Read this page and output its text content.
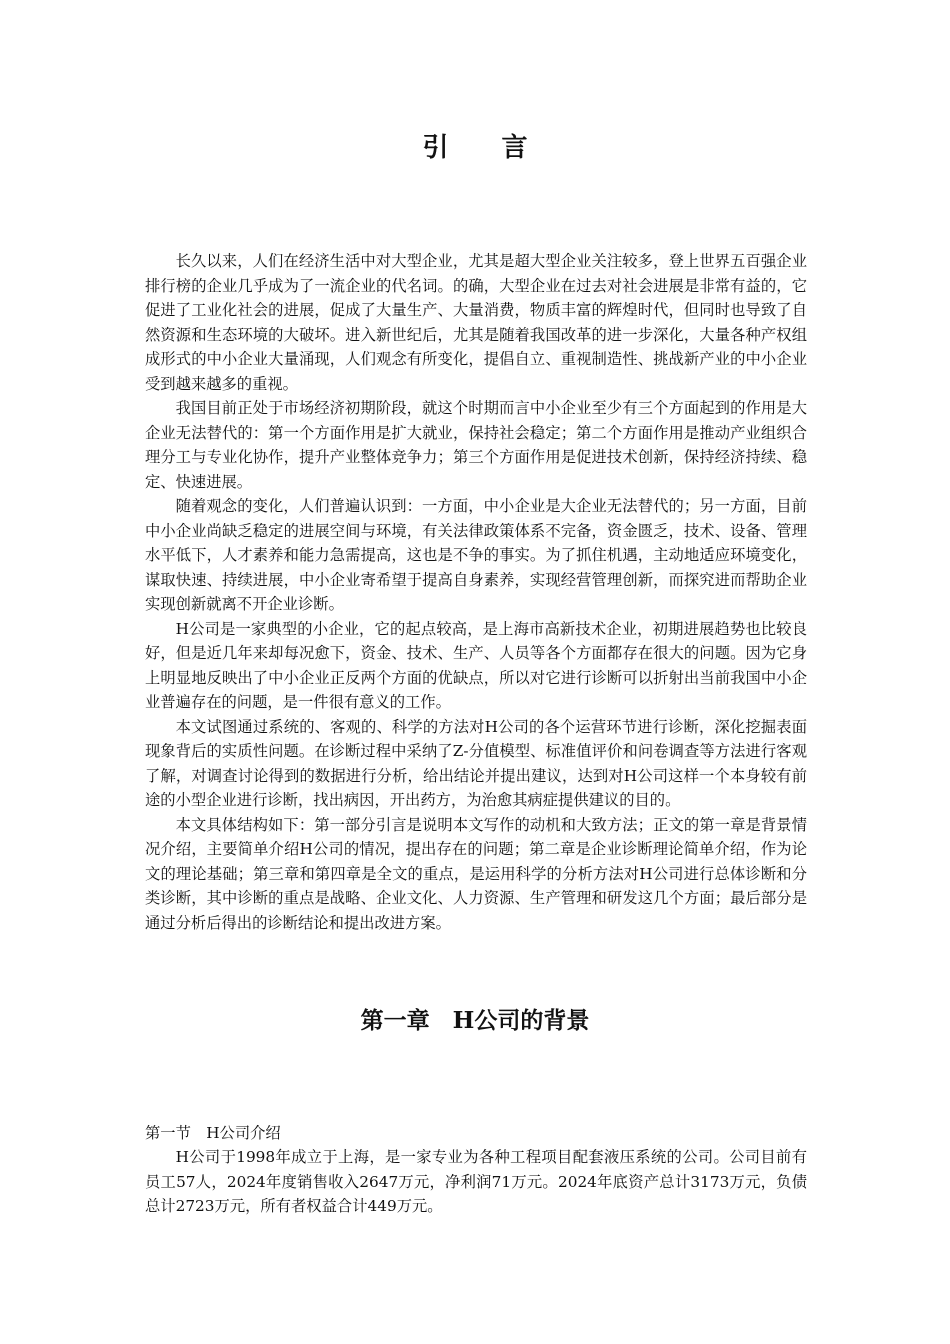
引 言

长久以来，人们在经济生活中对大型企业，尤其是超大型企业关注较多，登上世界五百强企业排行榜的企业几乎成为了一流企业的代名词。的确，大型企业在过去对社会进展是非常有益的，它促进了工业化社会的进展，促成了大量生产、大量消费，物质丰富的辉煌时代，但同时也导致了自然资源和生态环境的大破坏。进入新世纪后，尤其是随着我国改革的进一步深化，大量各种产权组成形式的中小企业大量涌现，人们观念有所变化，提倡自立、重视制造性、挑战新产业的中小企业受到越来越多的重视。

我国目前正处于市场经济初期阶段，就这个时期而言中小企业至少有三个方面起到的作用是大企业无法替代的：第一个方面作用是扩大就业，保持社会稳定；第二个方面作用是推动产业组织合理分工与专业化协作，提升产业整体竞争力；第三个方面作用是促进技术创新，保持经济持续、稳定、快速进展。

随着观念的变化，人们普遍认识到：一方面，中小企业是大企业无法替代的；另一方面，目前中小企业尚缺乏稳定的进展空间与环境，有关法律政策体系不完备，资金匮乏，技术、设备、管理水平低下，人才素养和能力急需提高，这也是不争的事实。为了抓住机遇，主动地适应环境变化，谋取快速、持续进展，中小企业寄希望于提高自身素养，实现经营管理创新，而探究进而帮助企业实现创新就离不开企业诊断。

H公司是一家典型的小企业，它的起点较高，是上海市高新技术企业，初期进展趋势也比较良好，但是近几年来却每况愈下，资金、技术、生产、人员等各个方面都存在很大的问题。因为它身上明显地反映出了中小企业正反两个方面的优缺点，所以对它进行诊断可以折射出当前我国中小企业普遍存在的问题，是一件很有意义的工作。

本文试图通过系统的、客观的、科学的方法对H公司的各个运营环节进行诊断，深化挖掘表面现象背后的实质性问题。在诊断过程中采纳了Z-分值模型、标准值评价和问卷调查等方法进行客观了解，对调查讨论得到的数据进行分析，给出结论并提出建议，达到对H公司这样一个本身较有前途的小型企业进行诊断，找出病因，开出药方，为治愈其病症提供建议的目的。

本文具体结构如下：第一部分引言是说明本文写作的动机和大致方法；正文的第一章是背景情况介绍，主要简单介绍H公司的情况，提出存在的问题；第二章是企业诊断理论简单介绍，作为论文的理论基础；第三章和第四章是全文的重点，是运用科学的分析方法对H公司进行总体诊断和分类诊断，其中诊断的重点是战略、企业文化、人力资源、生产管理和研发这几个方面；最后部分是通过分析后得出的诊断结论和提出改进方案。

第一章　H公司的背景
第一节　H公司介绍

H公司于1998年成立于上海，是一家专业为各种工程项目配套液压系统的公司。公司目前有员工57人，2024年度销售收入2647万元，净利润71万元。2024年底资产总计3173万元，负债总计2723万元，所有者权益合计449万元。
